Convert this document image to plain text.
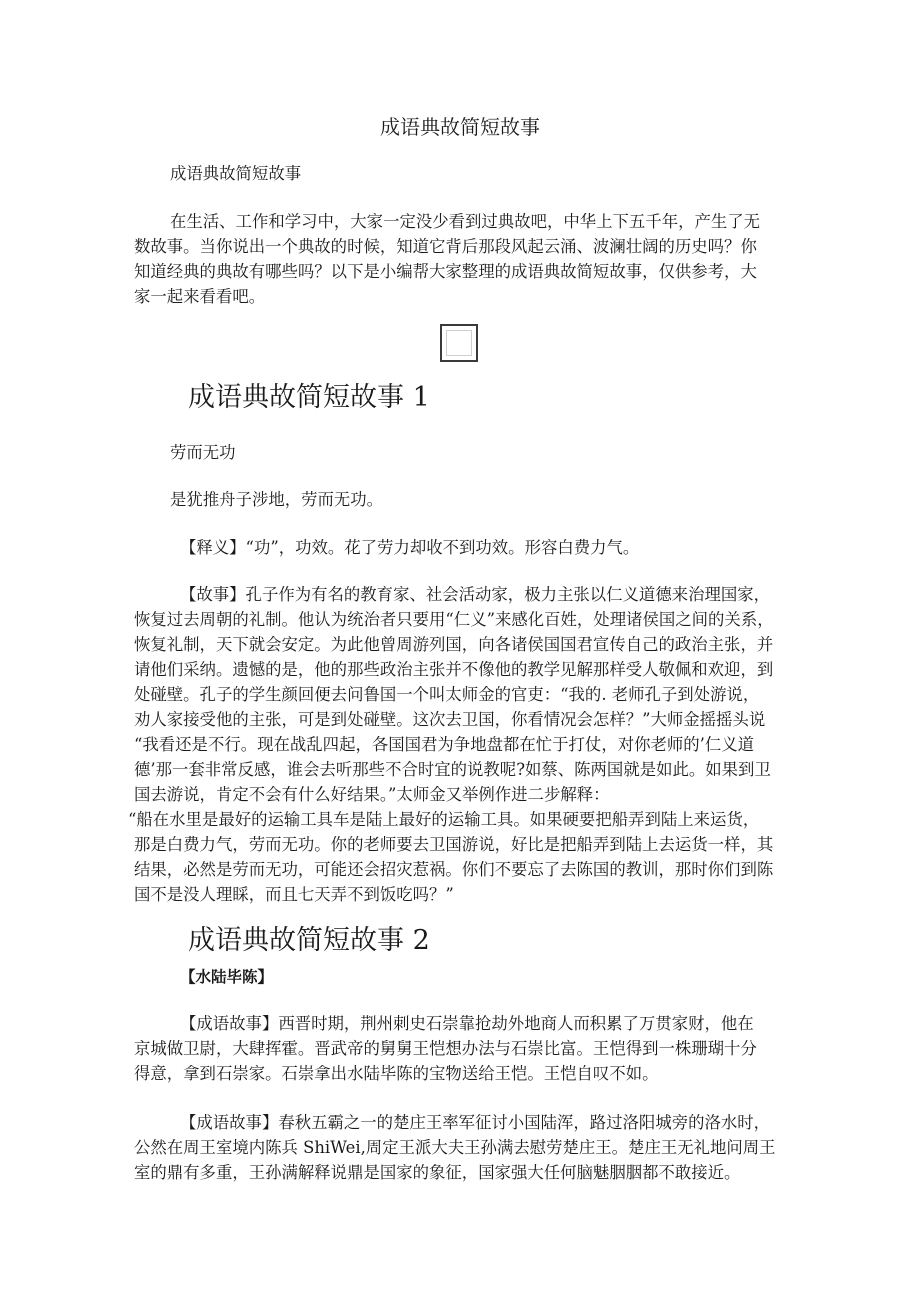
成语典故简短故事
成语典故简短故事
在生活、工作和学习中，大家一定没少看到过典故吧，中华上下五千年，产生了无
数故事。当你说出一个典故的时候，知道它背后那段风起云涌、波澜壮阔的历史吗？你
知道经典的典故有哪些吗？以下是小编帮大家整理的成语典故简短故事，仅供参考，大
家一起来看看吧。
成语典故简短故事 1
劳而无功
是犹推舟子涉地，劳而无功。
【释义】“功”，功效。花了劳力却收不到功效。形容白费力气。
【故事】孔子作为有名的教育家、社会活动家，极力主张以仁义道德来治理国家，
恢复过去周朝的礼制。他认为统治者只要用“仁义”来感化百姓，处理诸侯国之间的关系，
恢复礼制，天下就会安定。为此他曾周游列国，向各诸侯国国君宣传自己的政治主张，并
请他们采纳。遗憾的是，他的那些政治主张并不像他的教学见解那样受人敬佩和欢迎，到
处碰壁。孔子的学生颜回便去问鲁国一个叫太师金的官吏：“我的. 老师孔子到处游说，
劝人家接受他的主张，可是到处碰壁。这次去卫国，你看情况会怎样？”大师金摇摇头说
“我看还是不行。现在战乱四起，各国国君为争地盘都在忙于打仗，对你老师的’仁义道
德’那一套非常反感，谁会去听那些不合时宜的说教呢?如蔡、陈两国就是如此。如果到卫
国去游说，肯定不会有什么好结果。”太师金又举例作进二步解释：
“船在水里是最好的运输工具车是陆上最好的运输工具。如果硬要把船弄到陆上来运货，
那是白费力气，劳而无功。你的老师要去卫国游说，好比是把船弄到陆上去运货一样，其
结果，必然是劳而无功，可能还会招灾惹祸。你们不要忘了去陈国的教训，那时你们到陈
国不是没人理睬，而且七天弄不到饭吃吗？”
成语典故简短故事 2
【水陆毕陈】
【成语故事】西晋时期，荆州刺史石崇靠抢劫外地商人而积累了万贯家财，他在
京城做卫尉，大肆挥霍。晋武帝的舅舅王恺想办法与石崇比富。王恺得到一株珊瑚十分
得意，拿到石崇家。石崇拿出水陆毕陈的宝物送给王恺。王恺自叹不如。
【成语故事】春秋五霸之一的楚庄王率军征讨小国陆浑，路过洛阳城旁的洛水时，
公然在周王室境内陈兵 ShiWei,周定王派大夫王孙满去慰劳楚庄王。楚庄王无礼地问周王
室的鼎有多重，王孙满解释说鼎是国家的象征，国家强大任何脑魅胭胭都不敢接近。
